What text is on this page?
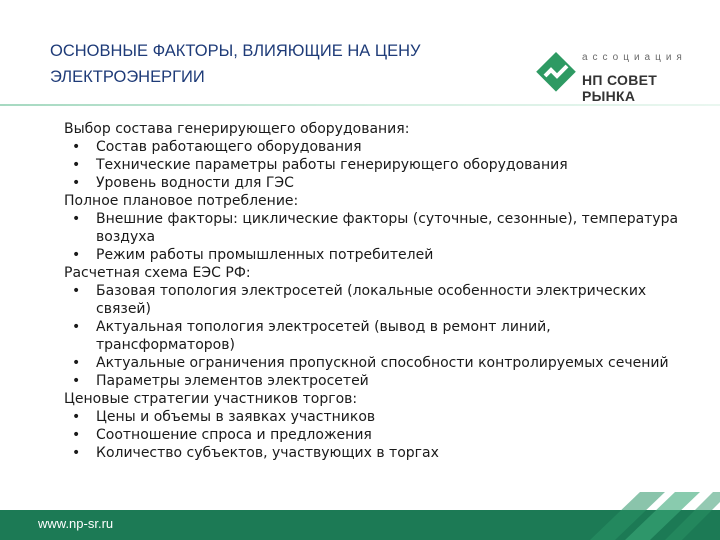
ОСНОВНЫЕ ФАКТОРЫ, ВЛИЯЮЩИЕ НА ЦЕНУ
ЭЛЕКТРОЭНЕРГИИ
ассоциация
НП СОВЕТ РЫНКА
Выбор состава генерирующего оборудования:
• Состав работающего оборудования
• Технические параметры работы генерирующего оборудования
• Уровень водности для ГЭС
Полное плановое потребление:
• Внешние факторы: циклические факторы (суточные, сезонные), температура воздуха
• Режим работы промышленных потребителей
Расчетная схема ЕЭС РФ:
• Базовая топология электросетей (локальные особенности электрических связей)
• Актуальная топология электросетей (вывод в ремонт линий, трансформаторов)
• Актуальные ограничения пропускной способности контролируемых сечений
• Параметры элементов электросетей
Ценовые стратегии участников торгов:
• Цены и объемы в заявках участников
• Соотношение спроса и предложения
• Количество субъектов, участвующих в торгах
www.np-sr.ru
